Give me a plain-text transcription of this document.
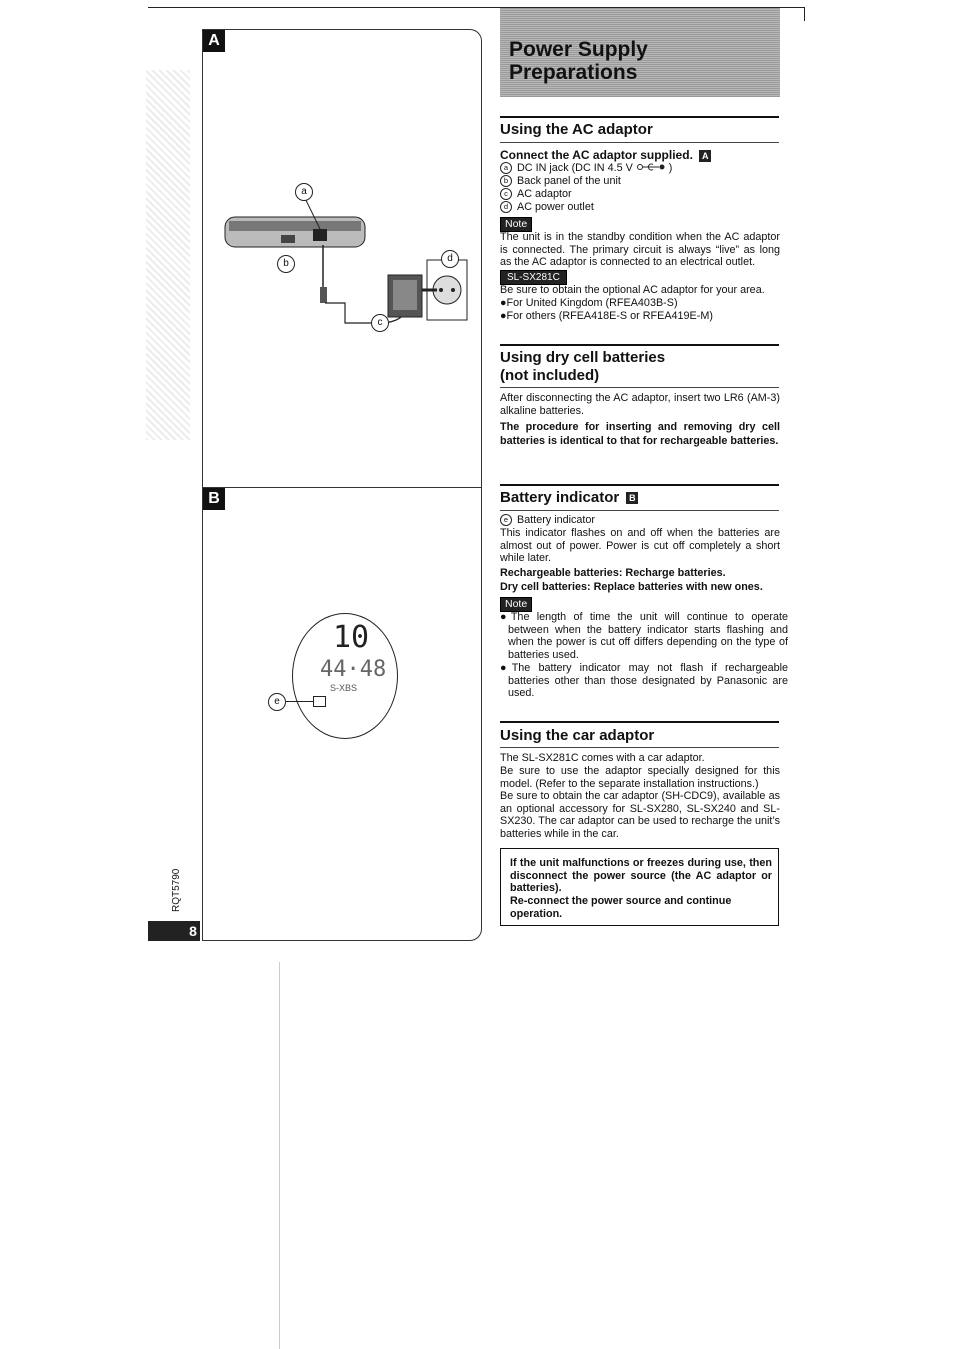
A
a
b
c
d
B
10
44·48
S-XBS
e
RQT5790
8
Power Supply
Preparations
Using the AC adaptor
Connect the AC adaptor supplied. A
a DC IN jack (DC IN 4.5 V	)
b Back panel of the unit
c AC adaptor
d AC power outlet
Note
The unit is in the standby condition when the AC adaptor is connected. The primary circuit is always “live” as long as the AC adaptor is connected to an electrical outlet.
SL-SX281C
Be sure to obtain the optional AC adaptor for your area.
●For United Kingdom (RFEA403B-S)
●For others (RFEA418E-S or RFEA419E-M)
Using dry cell batteries
(not included)
After disconnecting the AC adaptor, insert two LR6 (AM-3) alkaline batteries.
The procedure for inserting and removing dry cell batteries is identical to that for rechargeable batteries.
Battery indicator B
e Battery indicator
This indicator flashes on and off when the batteries are almost out of power. Power is cut off completely a short while later.
Rechargeable batteries: Recharge batteries.
Dry cell batteries: Replace batteries with new ones.
Note
●The length of time the unit will continue to operate between when the battery indicator starts flashing and when the power is cut off differs depending on the type of batteries used.
●The battery indicator may not flash if rechargeable batteries other than those designated by Panasonic are used.
Using the car adaptor
The SL-SX281C comes with a car adaptor.
Be sure to use the adaptor specially designed for this model. (Refer to the separate installation instructions.)
Be sure to obtain the car adaptor (SH-CDC9), available as an optional accessory for SL-SX280, SL-SX240 and SL-SX230. The car adaptor can be used to recharge the unit’s batteries while in the car.
If the unit malfunctions or freezes during use, then disconnect the power source (the AC adaptor or batteries).
Re-connect the power source and continue operation.
